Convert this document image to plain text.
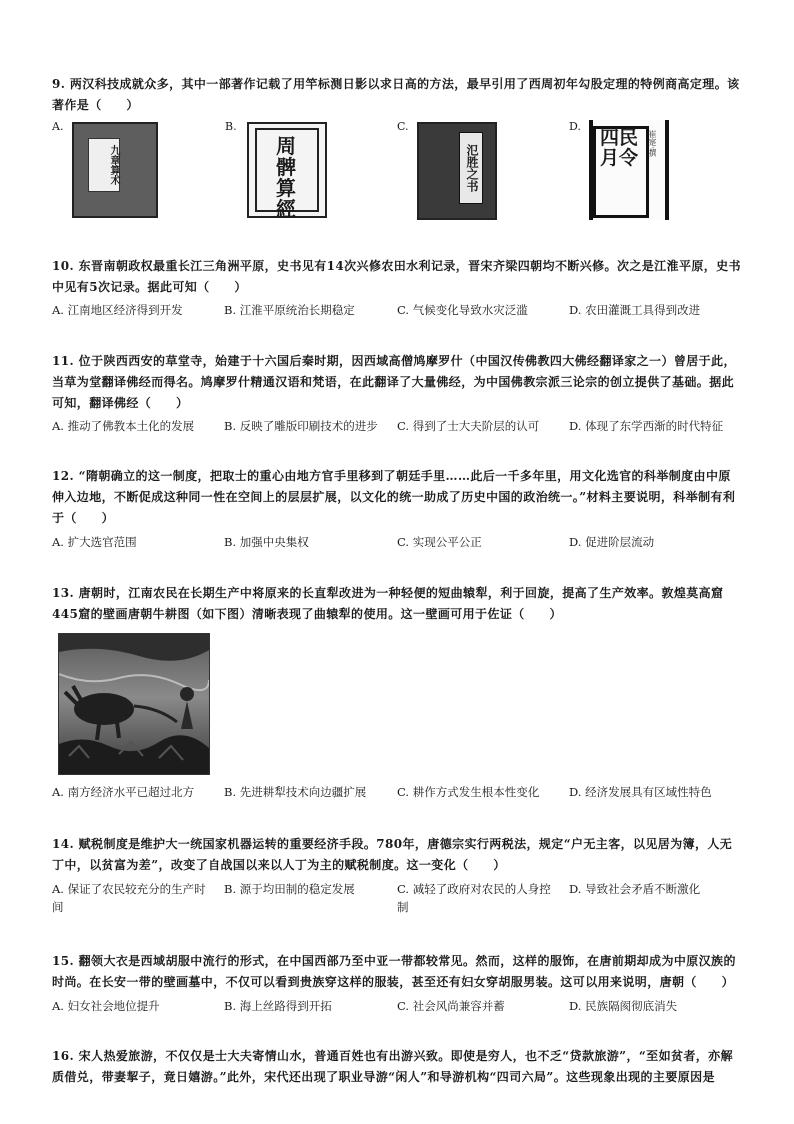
9. 两汉科技成就众多，其中一部著作记载了用竿标测日影以求日高的方法，最早引用了西周初年勾股定理的特例商高定理。该著作是（　　）

A.
九章算术
B.
周髀算經
C.
氾胜之书
D.
四民月令
崔寔·撰

10. 东晋南朝政权最重长江三角洲平原，史书见有14次兴修农田水利记录，晋宋齐梁四朝均不断兴修。次之是江淮平原，史书中见有5次记录。据此可知（　　）

A. 江南地区经济得到开发	B. 江淮平原统治长期稳定	C. 气候变化导致水灾泛滥	D. 农田灌溉工具得到改进

11. 位于陕西西安的草堂寺，始建于十六国后秦时期，因西域高僧鸠摩罗什（中国汉传佛教四大佛经翻译家之一）曾居于此，当草为堂翻译佛经而得名。鸠摩罗什精通汉语和梵语，在此翻译了大量佛经，为中国佛教宗派三论宗的创立提供了基础。据此可知，翻译佛经（　　）

A. 推动了佛教本土化的发展	B. 反映了雕版印刷技术的进步	C. 得到了士大夫阶层的认可	D. 体现了东学西渐的时代特征

12. “隋朝确立的这一制度，把取士的重心由地方官手里移到了朝廷手里……此后一千多年里，用文化选官的科举制度由中原伸入边地，不断促成这种同一性在空间上的层层扩展，以文化的统一助成了历史中国的政治统一。”材料主要说明，科举制有利于（　　）

A. 扩大选官范围	B. 加强中央集权	C. 实现公平公正	D. 促进阶层流动

13. 唐朝时，江南农民在长期生产中将原来的长直犁改进为一种轻便的短曲辕犁，利于回旋，提高了生产效率。敦煌莫高窟445窟的壁画唐朝牛耕图（如下图）清晰表现了曲辕犁的使用。这一壁画可用于佐证（　　）

A. 南方经济水平已超过北方	B. 先进耕犁技术向边疆扩展	C. 耕作方式发生根本性变化	D. 经济发展具有区域性特色

14. 赋税制度是维护大一统国家机器运转的重要经济手段。780年，唐德宗实行两税法，规定“户无主客，以见居为簿，人无丁中，以贫富为差”，改变了自战国以来以人丁为主的赋税制度。这一变化（　　）

A. 保证了农民较充分的生产时间
B. 源于均田制的稳定发展	C. 减轻了政府对农民的人身控制
D. 导致社会矛盾不断激化

15. 翻领大衣是西域胡服中流行的形式，在中国西部乃至中亚一带都较常见。然而，这样的服饰，在唐前期却成为中原汉族的时尚。在长安一带的壁画墓中，不仅可以看到贵族穿这样的服装，甚至还有妇女穿胡服男装。这可以用来说明，唐朝（　　）

A. 妇女社会地位提升	B. 海上丝路得到开拓	C. 社会风尚兼容并蓄	D. 民族隔阂彻底消失

16. 宋人热爱旅游，不仅仅是士大夫寄情山水，普通百姓也有出游兴致。即使是穷人，也不乏“贷款旅游”，“至如贫者，亦解质借兑，带妻挈子，竟日嬉游。”此外，宋代还出现了职业导游“闲人”和导游机构“四司六局”。这些现象出现的主要原因是
